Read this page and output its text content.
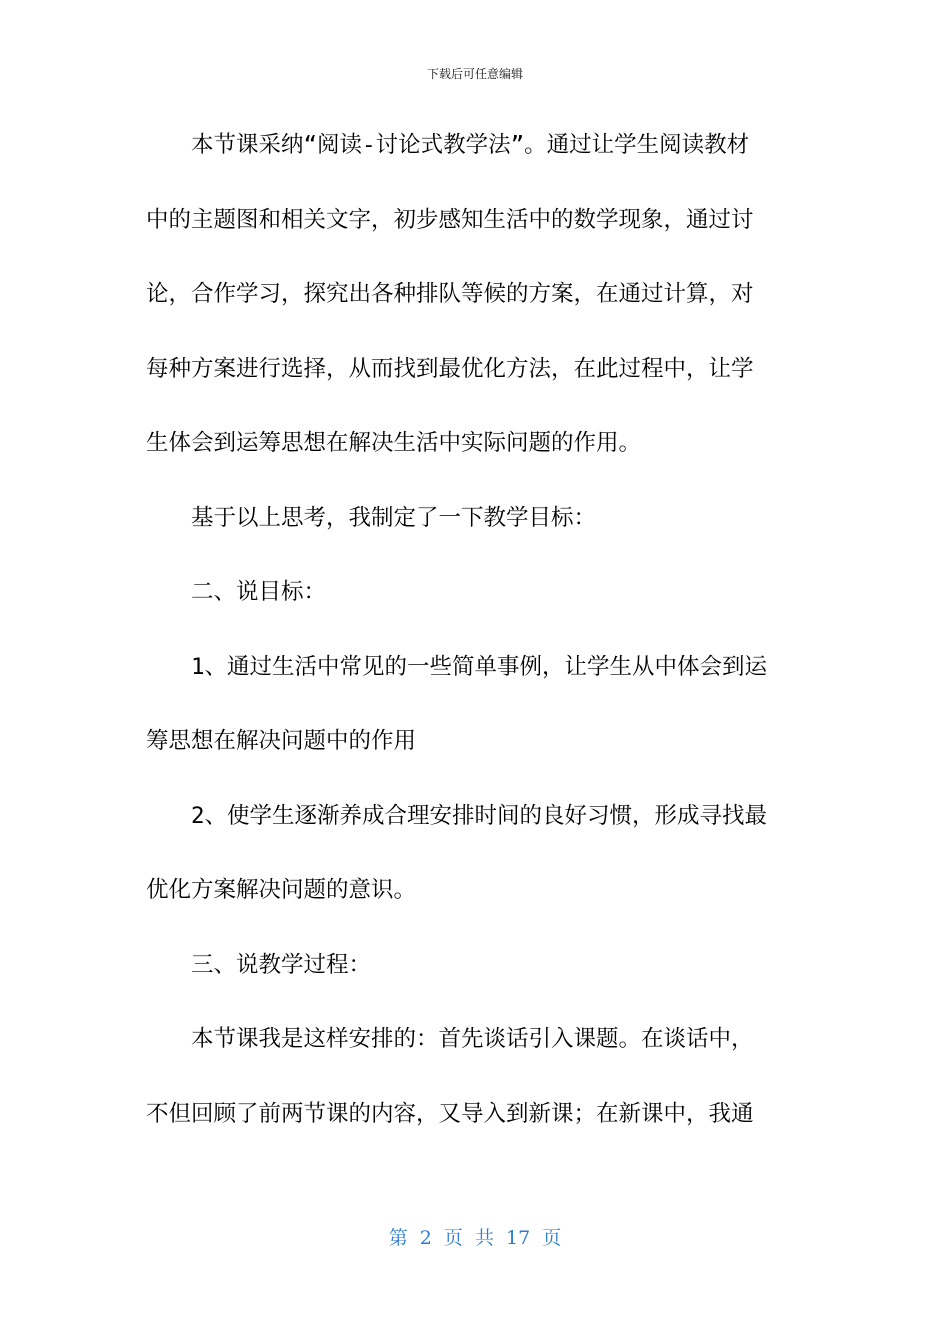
下载后可任意编辑
本节课采纳“阅读-讨论式教学法”。通过让学生阅读教材
中的主题图和相关文字，初步感知生活中的数学现象，通过讨
论，合作学习，探究出各种排队等候的方案，在通过计算，对
每种方案进行选择，从而找到最优化方法，在此过程中，让学
生体会到运筹思想在解决生活中实际问题的作用。
基于以上思考，我制定了一下教学目标：
二、说目标：
1、通过生活中常见的一些简单事例，让学生从中体会到运
筹思想在解决问题中的作用
2、使学生逐渐养成合理安排时间的良好习惯，形成寻找最
优化方案解决问题的意识。
三、说教学过程：
本节课我是这样安排的：首先谈话引入课题。在谈话中，
不但回顾了前两节课的内容，又导入到新课；在新课中，我通
第 2 页 共 17 页
